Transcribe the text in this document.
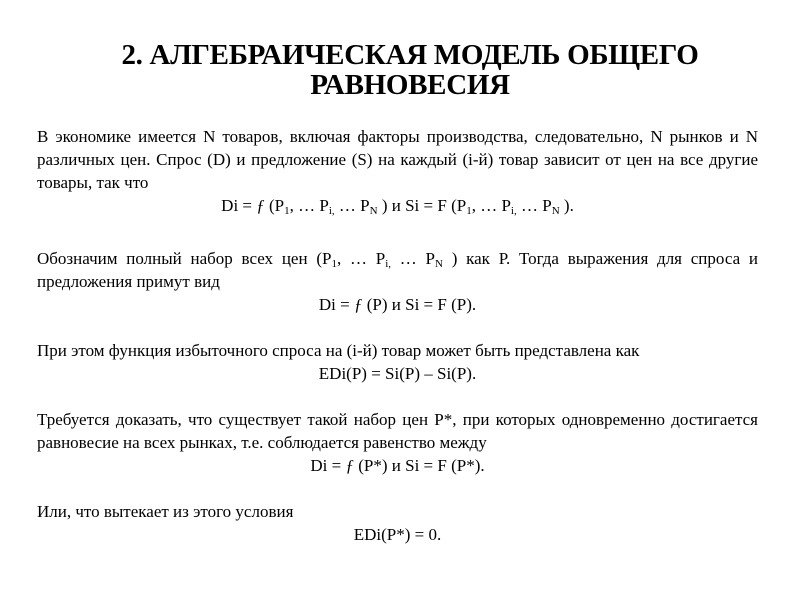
2. АЛГЕБРАИЧЕСКАЯ МОДЕЛЬ ОБЩЕГО
РАВНОВЕСИЯ

В экономике имеется N товаров, включая факторы производства, следовательно, N рынков и N различных цен. Спрос (D) и предложение (S) на каждый (i-й) товар зависит от цен на все другие товары, так что

Di = ƒ ($P_1$, … $P_{i,}$ … $P_N$ ) и Si = F ($P_1$, … $P_{i,}$ … $P_N$ ).

Обозначим полный набор всех цен ($P_1$, … $P_{i,}$ … $P_N$ ) как Р. Тогда выражения для спроса и предложения примут вид

Di = ƒ (P) и Si = F (P).

При этом функция избыточного спроса на (i-й) товар может быть представлена как

EDi(P) = Si(P) – Si(P).

Требуется доказать, что существует такой набор цен Р*, при которых одновременно достигается равновесие на всех рынках, т.е. соблюдается равенство между

Di = ƒ (P*) и Si = F (P*).

Или, что вытекает из этого условия

EDi(P*) = 0.
